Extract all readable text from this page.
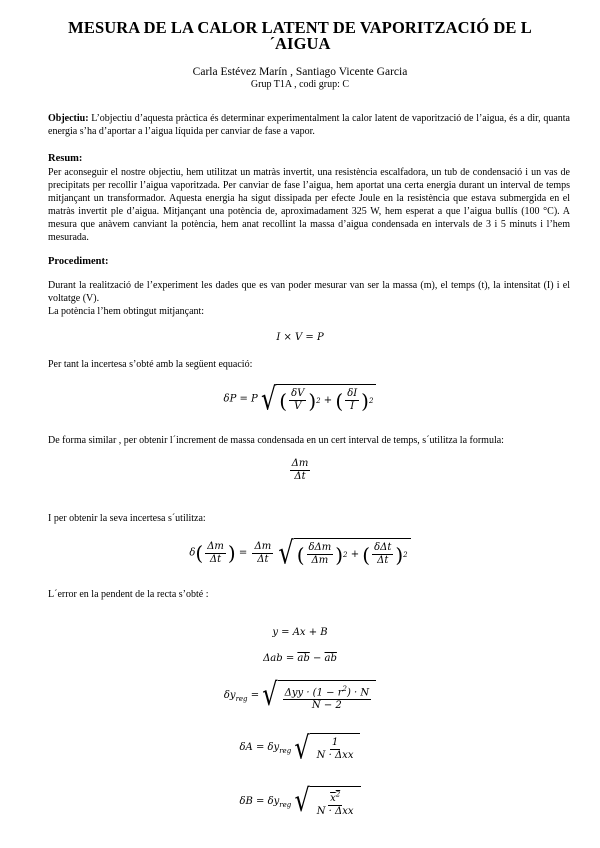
MESURA DE LA CALOR LATENT DE VAPORITZACIÓ DE L´AIGUA
Carla Estévez Marín , Santiago Vicente Garcia
Grup T1A , codi grup: C
Objectiu: L’objectiu d’aquesta pràctica és determinar experimentalment la calor latent de vaporització de l’aigua, és a dir, quanta energia s’ha d’aportar a l’aigua líquida per canviar de fase a vapor.
Resum:
Per aconseguir el nostre objectiu, hem utilitzat un matràs invertit, una resistència escalfadora, un tub de condensació i un vas de precipitats per recollir l’aigua vaporitzada. Per canviar de fase l’aigua, hem aportat una certa energia durant un interval de temps mitjançant un transformador. Aquesta energia ha sigut dissipada per efecte Joule en la resistència que estava submergida en el matràs invertit ple d’aigua. Mitjançant una potència de, aproximadament 325 W, hem esperat a que l’aigua bullís (100 °C). A mesura que anàvem canviant la potència, hem anat recollint la massa d’aigua condensada en intervals de 3 i 5 minuts i l’hem mesurada.
Procediment:
Durant la realització de l’experiment les dades que es van poder mesurar van ser la massa (m), el temps (t), la intensitat (I) i el voltatge (V).
La potència l’hem obtingut mitjançant:
I × V = P
Per tant la incertesa s’obté amb la següent equació:
δP = P √ ( $\frac{\delta V}{V}$ ) 2 + ( $\frac{\delta I}{I}$ ) 2
De forma similar , per obtenir l´increment de massa condensada en un cert interval de temps, s´utilitza la formula:
$\frac{\Delta m}{\Delta t}$
I per obtenir la seva incertesa s´utilitza:
$\delta( \frac{\Delta m}{\Delta t}$ ) = $\frac{\Delta m}{\Delta t}$
√ ( $\frac{\text{δΔm}}{\Delta m}$ ) 2 + ( $\frac{\text{δΔt}}{\Delta t}$ ) 2
L´error en la pendent de la recta s’obté :
y = Ax + B
$\Delta ab = \overline{ab} - \overline{a}\overline{b}$
$\delta y_{reg}$ = √ $\frac{\Delta yy \cdot (1 - r^2) \cdot N}{N - 2}$
$\delta A = \delta y_{reg}$ √ $\frac{1}{\text{N · Δxx}}$
$\delta B = \delta y_{reg}$ √ $\frac{x^2}{\text{N · Δxx}}$
